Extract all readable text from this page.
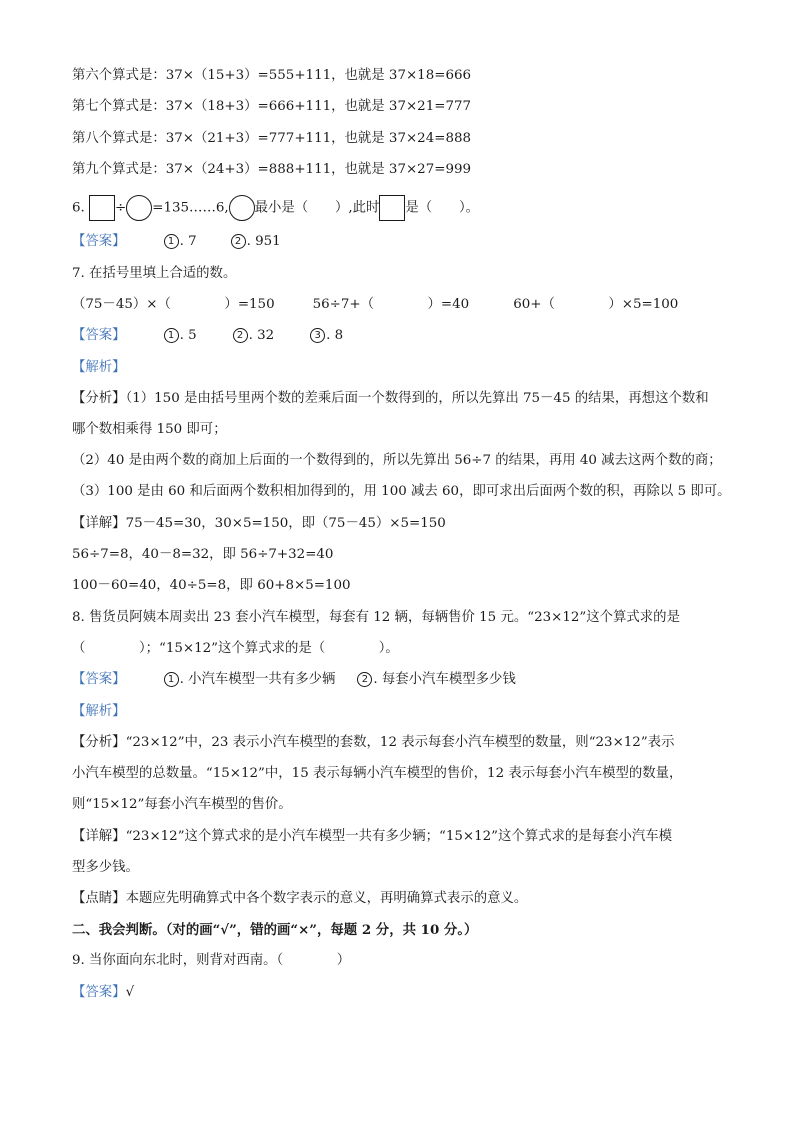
第六个算式是：37×（15+3）=555+111，也就是 37×18=666
第七个算式是：37×（18+3）=666+111，也就是 37×21=777
第八个算式是：37×（21+3）=777+111，也就是 37×24=888
第九个算式是：37×（24+3）=888+111，也就是 37×27=999
6. ÷ =135……6, 最小是（　　）,此时 是（　　）。
【答案】	1 . 7	2 . 951
7. 在括号里填上合适的数。
（75－45）×（　　　　）=150	56÷7+（　　　　）=40	60+（　　　　）×5=100
【答案】	1 . 5	2 . 32	3 . 8
【解析】
【分析】（1）150 是由括号里两个数的差乘后面一个数得到的，所以先算出 75－45 的结果，再想这个数和
哪个数相乘得 150 即可；
（2）40 是由两个数的商加上后面的一个数得到的，所以先算出 56÷7 的结果，再用 40 减去这两个数的商；
（3）100 是由 60 和后面两个数积相加得到的，用 100 减去 60，即可求出后面两个数的积，再除以 5 即可。
【详解】75－45=30，30×5=150，即（75－45）×5=150
56÷7=8，40－8=32，即 56÷7+32=40
100－60=40，40÷5=8，即 60+8×5=100
8. 售货员阿姨本周卖出 23 套小汽车模型，每套有 12 辆，每辆售价 15 元。“23×12”这个算式求的是
（　　　　）；“15×12”这个算式求的是（　　　　）。
【答案】	1 . 小汽车模型一共有多少辆	2 . 每套小汽车模型多少钱
【解析】
【分析】“23×12”中，23 表示小汽车模型的套数，12 表示每套小汽车模型的数量，则“23×12”表示
小汽车模型的总数量。“15×12”中，15 表示每辆小汽车模型的售价，12 表示每套小汽车模型的数量，
则“15×12”每套小汽车模型的售价。
【详解】“23×12”这个算式求的是小汽车模型一共有多少辆；“15×12”这个算式求的是每套小汽车模
型多少钱。
【点睛】本题应先明确算式中各个数字表示的意义，再明确算式表示的意义。
二、我会判断。（对的画“√”，错的画“×”，每题 2 分，共 10 分。）
9. 当你面向东北时，则背对西南。（　　　　）
【答案】√
